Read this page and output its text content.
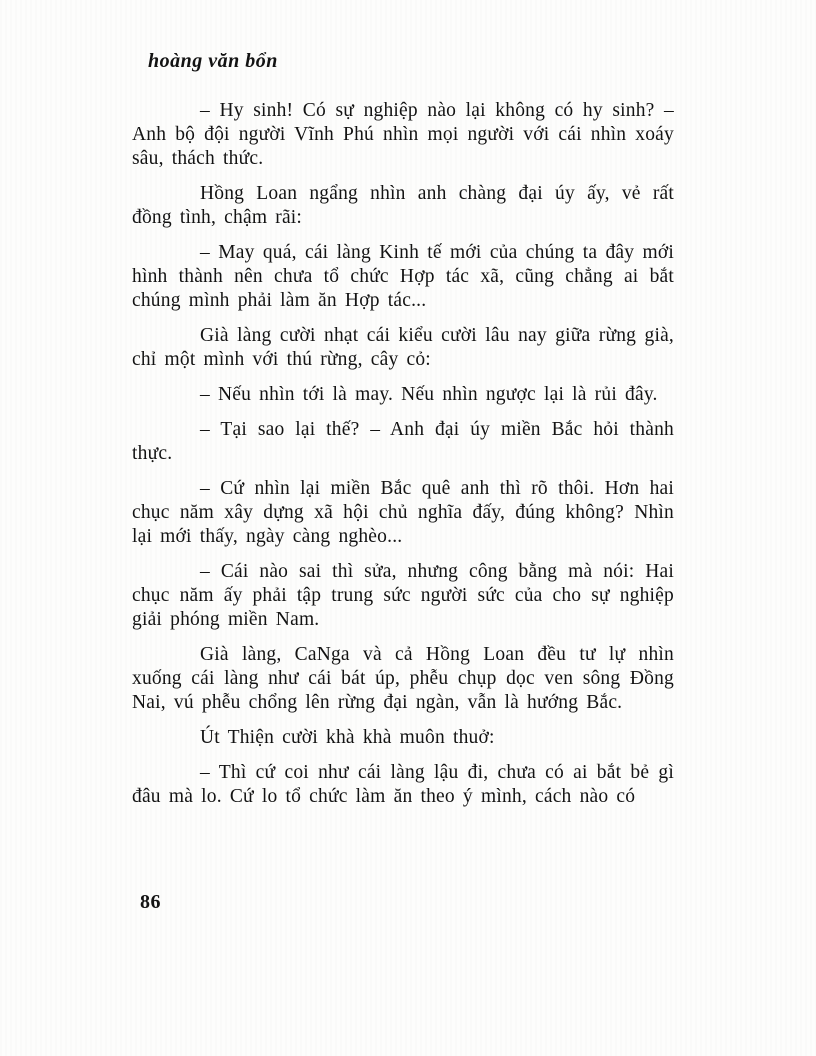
hoàng văn bổn

– Hy sinh! Có sự nghiệp nào lại không có hy sinh? – Anh bộ đội người Vĩnh Phú nhìn mọi người với cái nhìn xoáy sâu, thách thức.

Hồng Loan ngẩng nhìn anh chàng đại úy ấy, vẻ rất đồng tình, chậm rãi:

– May quá, cái làng Kinh tế mới của chúng ta đây mới hình thành nên chưa tổ chức Hợp tác xã, cũng chẳng ai bắt chúng mình phải làm ăn Hợp tác...

Già làng cười nhạt cái kiểu cười lâu nay giữa rừng già, chỉ một mình với thú rừng, cây cỏ:

– Nếu nhìn tới là may. Nếu nhìn ngược lại là rủi đây.

– Tại sao lại thế? – Anh đại úy miền Bắc hỏi thành thực.

– Cứ nhìn lại miền Bắc quê anh thì rõ thôi. Hơn hai chục năm xây dựng xã hội chủ nghĩa đấy, đúng không? Nhìn lại mới thấy, ngày càng nghèo...

– Cái nào sai thì sửa, nhưng công bằng mà nói: Hai chục năm ấy phải tập trung sức người sức của cho sự nghiệp giải phóng miền Nam.

Già làng, CaNga và cả Hồng Loan đều tư lự nhìn xuống cái làng như cái bát úp, phễu chụp dọc ven sông Đồng Nai, vú phễu chổng lên rừng đại ngàn, vẫn là hướng Bắc.

Út Thiện cười khà khà muôn thuở:

– Thì cứ coi như cái làng lậu đi, chưa có ai bắt bẻ gì đâu mà lo. Cứ lo tổ chức làm ăn theo ý mình, cách nào có

86
